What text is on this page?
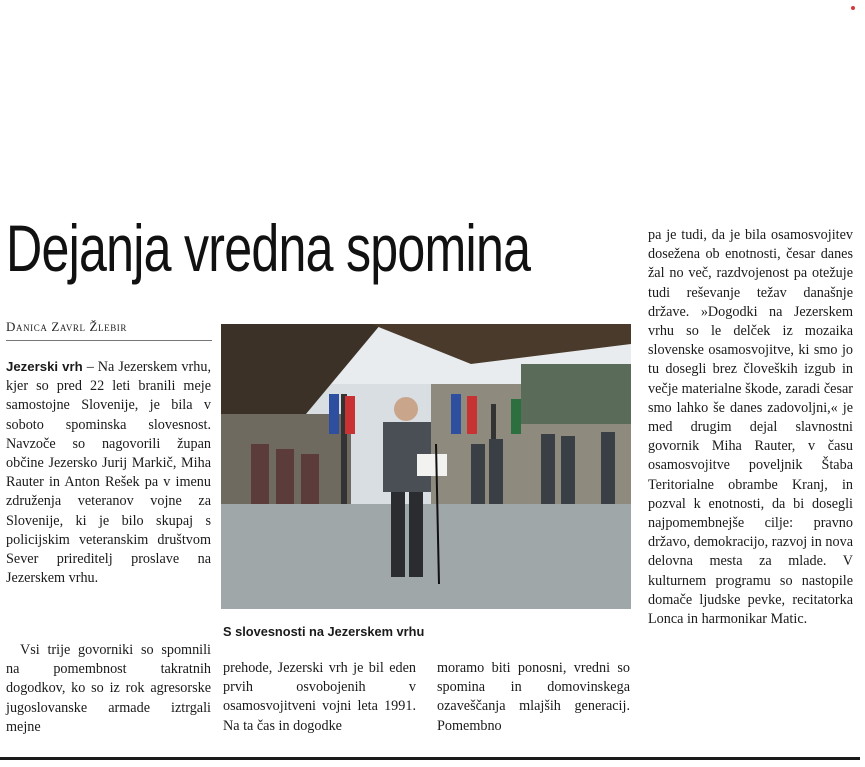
Dejanja vredna spomina
Danica Zavrl Žlebir

Jezerski vrh – Na Jezerskem vrhu, kjer so pred 22 leti branili meje samostojne Slovenije, je bila v soboto spominska slovesnost. Navzoče so nagovorili župan občine Jezersko Jurij Markič, Miha Rauter in Anton Rešek pa v imenu združenja veteranov vojne za Slovenije, ki je bilo skupaj s policijskim veteranskim društvom Sever prireditelj proslave na Jezerskem vrhu.

Vsi trije govorniki so spomnili na pomembnost takratnih dogodkov, ko so iz rok agresorske jugoslovanske armade iztrgali mejne

S slovesnosti na Jezerskem vrhu

prehode, Jezerski vrh je bil eden prvih osvobojenih v osamosvojitveni vojni leta 1991. Na ta čas in dogodke

moramo biti ponosni, vredni so spomina in domovinskega ozaveščanja mlajših generacij. Pomembno

pa je tudi, da je bila osamosvojitev dosežena ob enotnosti, česar danes žal no več, razdvojenost pa otežuje tudi reševanje težav današnje države. »Dogodki na Jezerskem vrhu so le delček iz mozaika slovenske osamosvojitve, ki smo jo tu dosegli brez človeških izgub in večje materialne škode, zaradi česar smo lahko še danes zadovoljni,« je med drugim dejal slavnostni govornik Miha Rauter, v času osamosvojitve poveljnik Štaba Teritorialne obrambe Kranj, in pozval k enotnosti, da bi dosegli najpomembnejše cilje: pravno državo, demokracijo, razvoj in nova delovna mesta za mlade. V kulturnem programu so nastopile domače ljudske pevke, recitatorka Lonca in harmonikar Matic.
